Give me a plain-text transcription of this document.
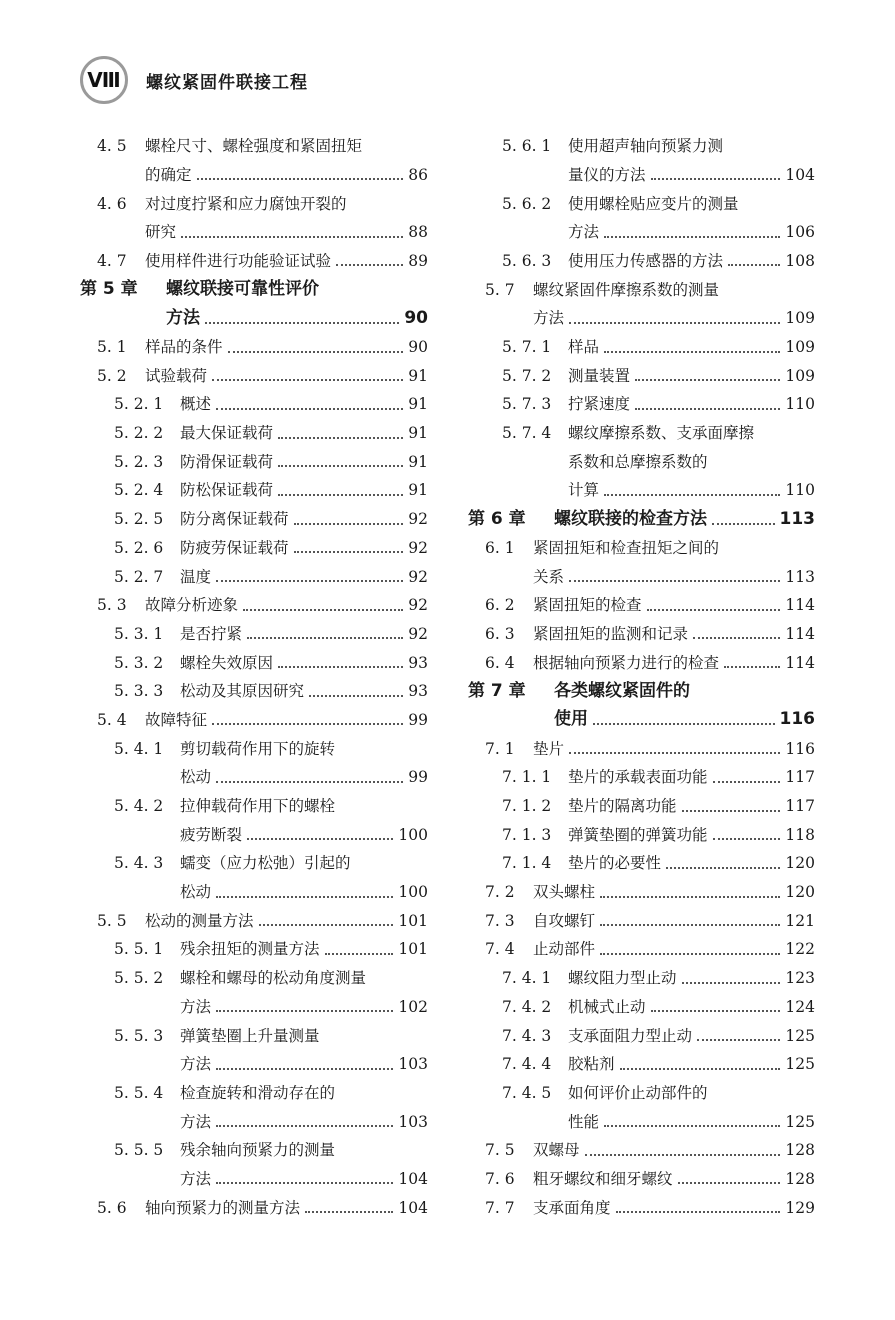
Ⅷ	螺纹紧固件联接工程
4. 5	螺栓尺寸、螺栓强度和紧固扭矩
的确定	86
4. 6	对过度拧紧和应力腐蚀开裂的
研究	88
4. 7	使用样件进行功能验证试验	89
第 5 章	螺纹联接可靠性评价
方法	90
5. 1	样品的条件	90
5. 2	试验载荷	91
5. 2. 1	概述	91
5. 2. 2	最大保证载荷	91
5. 2. 3	防滑保证载荷	91
5. 2. 4	防松保证载荷	91
5. 2. 5	防分离保证载荷	92
5. 2. 6	防疲劳保证载荷	92
5. 2. 7	温度	92
5. 3	故障分析迹象	92
5. 3. 1	是否拧紧	92
5. 3. 2	螺栓失效原因	93
5. 3. 3	松动及其原因研究	93
5. 4	故障特征	99
5. 4. 1	剪切载荷作用下的旋转
松动	99
5. 4. 2	拉伸载荷作用下的螺栓
疲劳断裂	100
5. 4. 3	蠕变（应力松弛）引起的
松动	100
5. 5	松动的测量方法	101
5. 5. 1	残余扭矩的测量方法	101
5. 5. 2	螺栓和螺母的松动角度测量
方法	102
5. 5. 3	弹簧垫圈上升量测量
方法	103
5. 5. 4	检查旋转和滑动存在的
方法	103
5. 5. 5	残余轴向预紧力的测量
方法	104
5. 6	轴向预紧力的测量方法	104
5. 6. 1	使用超声轴向预紧力测
量仪的方法	104
5. 6. 2	使用螺栓贴应变片的测量
方法	106
5. 6. 3	使用压力传感器的方法	108
5. 7	螺纹紧固件摩擦系数的测量
方法	109
5. 7. 1	样品	109
5. 7. 2	测量装置	109
5. 7. 3	拧紧速度	110
5. 7. 4	螺纹摩擦系数、支承面摩擦
系数和总摩擦系数的
计算	110
第 6 章	螺纹联接的检查方法	113
6. 1	紧固扭矩和检查扭矩之间的
关系	113
6. 2	紧固扭矩的检查	114
6. 3	紧固扭矩的监测和记录	114
6. 4	根据轴向预紧力进行的检查	114
第 7 章	各类螺纹紧固件的
使用	116
7. 1	垫片	116
7. 1. 1	垫片的承载表面功能	117
7. 1. 2	垫片的隔离功能	117
7. 1. 3	弹簧垫圈的弹簧功能	118
7. 1. 4	垫片的必要性	120
7. 2	双头螺柱	120
7. 3	自攻螺钉	121
7. 4	止动部件	122
7. 4. 1	螺纹阻力型止动	123
7. 4. 2	机械式止动	124
7. 4. 3	支承面阻力型止动	125
7. 4. 4	胶粘剂	125
7. 4. 5	如何评价止动部件的
性能	125
7. 5	双螺母	128
7. 6	粗牙螺纹和细牙螺纹	128
7. 7	支承面角度	129
